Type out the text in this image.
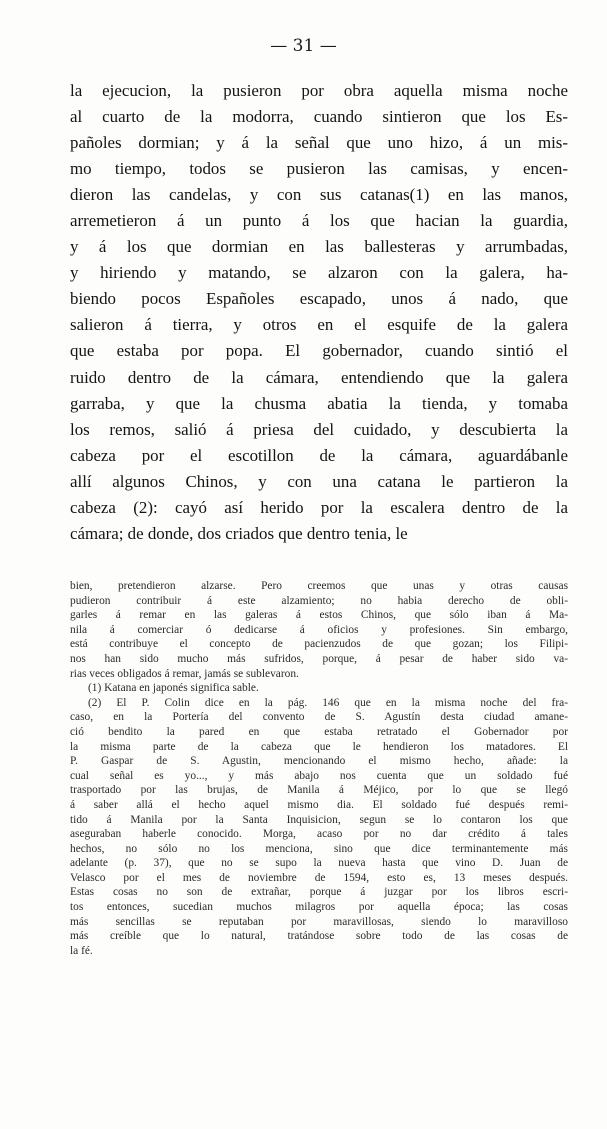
— 31 —
la ejecucion, la pusieron por obra aquella misma noche
al cuarto de la modorra, cuando sintieron que los Es-
pañoles dormian; y á la señal que uno hizo, á un mis-
mo tiempo, todos se pusieron las camisas, y encen-
dieron las candelas, y con sus catanas(1) en las manos,
arremetieron á un punto á los que hacian la guardia,
y á los que dormian en las ballesteras y arrumbadas,
y hiriendo y matando, se alzaron con la galera, ha-
biendo pocos Españoles escapado, unos á nado, que
salieron á tierra, y otros en el esquife de la galera
que estaba por popa. El gobernador, cuando sintió el
ruido dentro de la cámara, entendiendo que la galera
garraba, y que la chusma abatia la tienda, y tomaba
los remos, salió á priesa del cuidado, y descubierta la
cabeza por el escotillon de la cámara, aguardábanle
allí algunos Chinos, y con una catana le partieron la
cabeza (2): cayó así herido por la escalera dentro de la
cámara; de donde, dos criados que dentro tenia, le
bien, pretendieron alzarse. Pero creemos que unas y otras causas
pudieron contribuir á este alzamiento; no habia derecho de obli-
garles á remar en las galeras á estos Chinos, que sólo iban á Ma-
nila á comerciar ó dedicarse á oficios y profesiones. Sin embargo,
está contribuye el concepto de pacienzudos de que gozan; los Filipi-
nos han sido mucho más sufridos, porque, á pesar de haber sido va-
rias veces obligados á remar, jamás se sublevaron.
(1) Katana en japonés significa sable.
(2) El P. Colin dice en la pág. 146 que en la misma noche del fra-
caso, en la Portería del convento de S. Agustín desta ciudad amane-
ció bendito la pared en que estaba retratado el Gobernador por
la misma parte de la cabeza que le hendieron los matadores. El
P. Gaspar de S. Agustin, mencionando el mismo hecho, añade: la
cual señal es yo..., y más abajo nos cuenta que un soldado fué
trasportado por las brujas, de Manila á Méjico, por lo que se llegó
á saber allá el hecho aquel mismo dia. El soldado fué después remi-
tido á Manila por la Santa Inquisicion, segun se lo contaron los que
aseguraban haberle conocido. Morga, acaso por no dar crédito á tales
hechos, no sólo no los menciona, sino que dice terminantemente más
adelante (p. 37), que no se supo la nueva hasta que vino D. Juan de
Velasco por el mes de noviembre de 1594, esto es, 13 meses después.
Estas cosas no son de extrañar, porque á juzgar por los libros escri-
tos entonces, sucedian muchos milagros por aquella época; las cosas
más sencillas se reputaban por maravillosas, siendo lo maravilloso
más creíble que lo natural, tratándose sobre todo de las cosas de
la fé.
